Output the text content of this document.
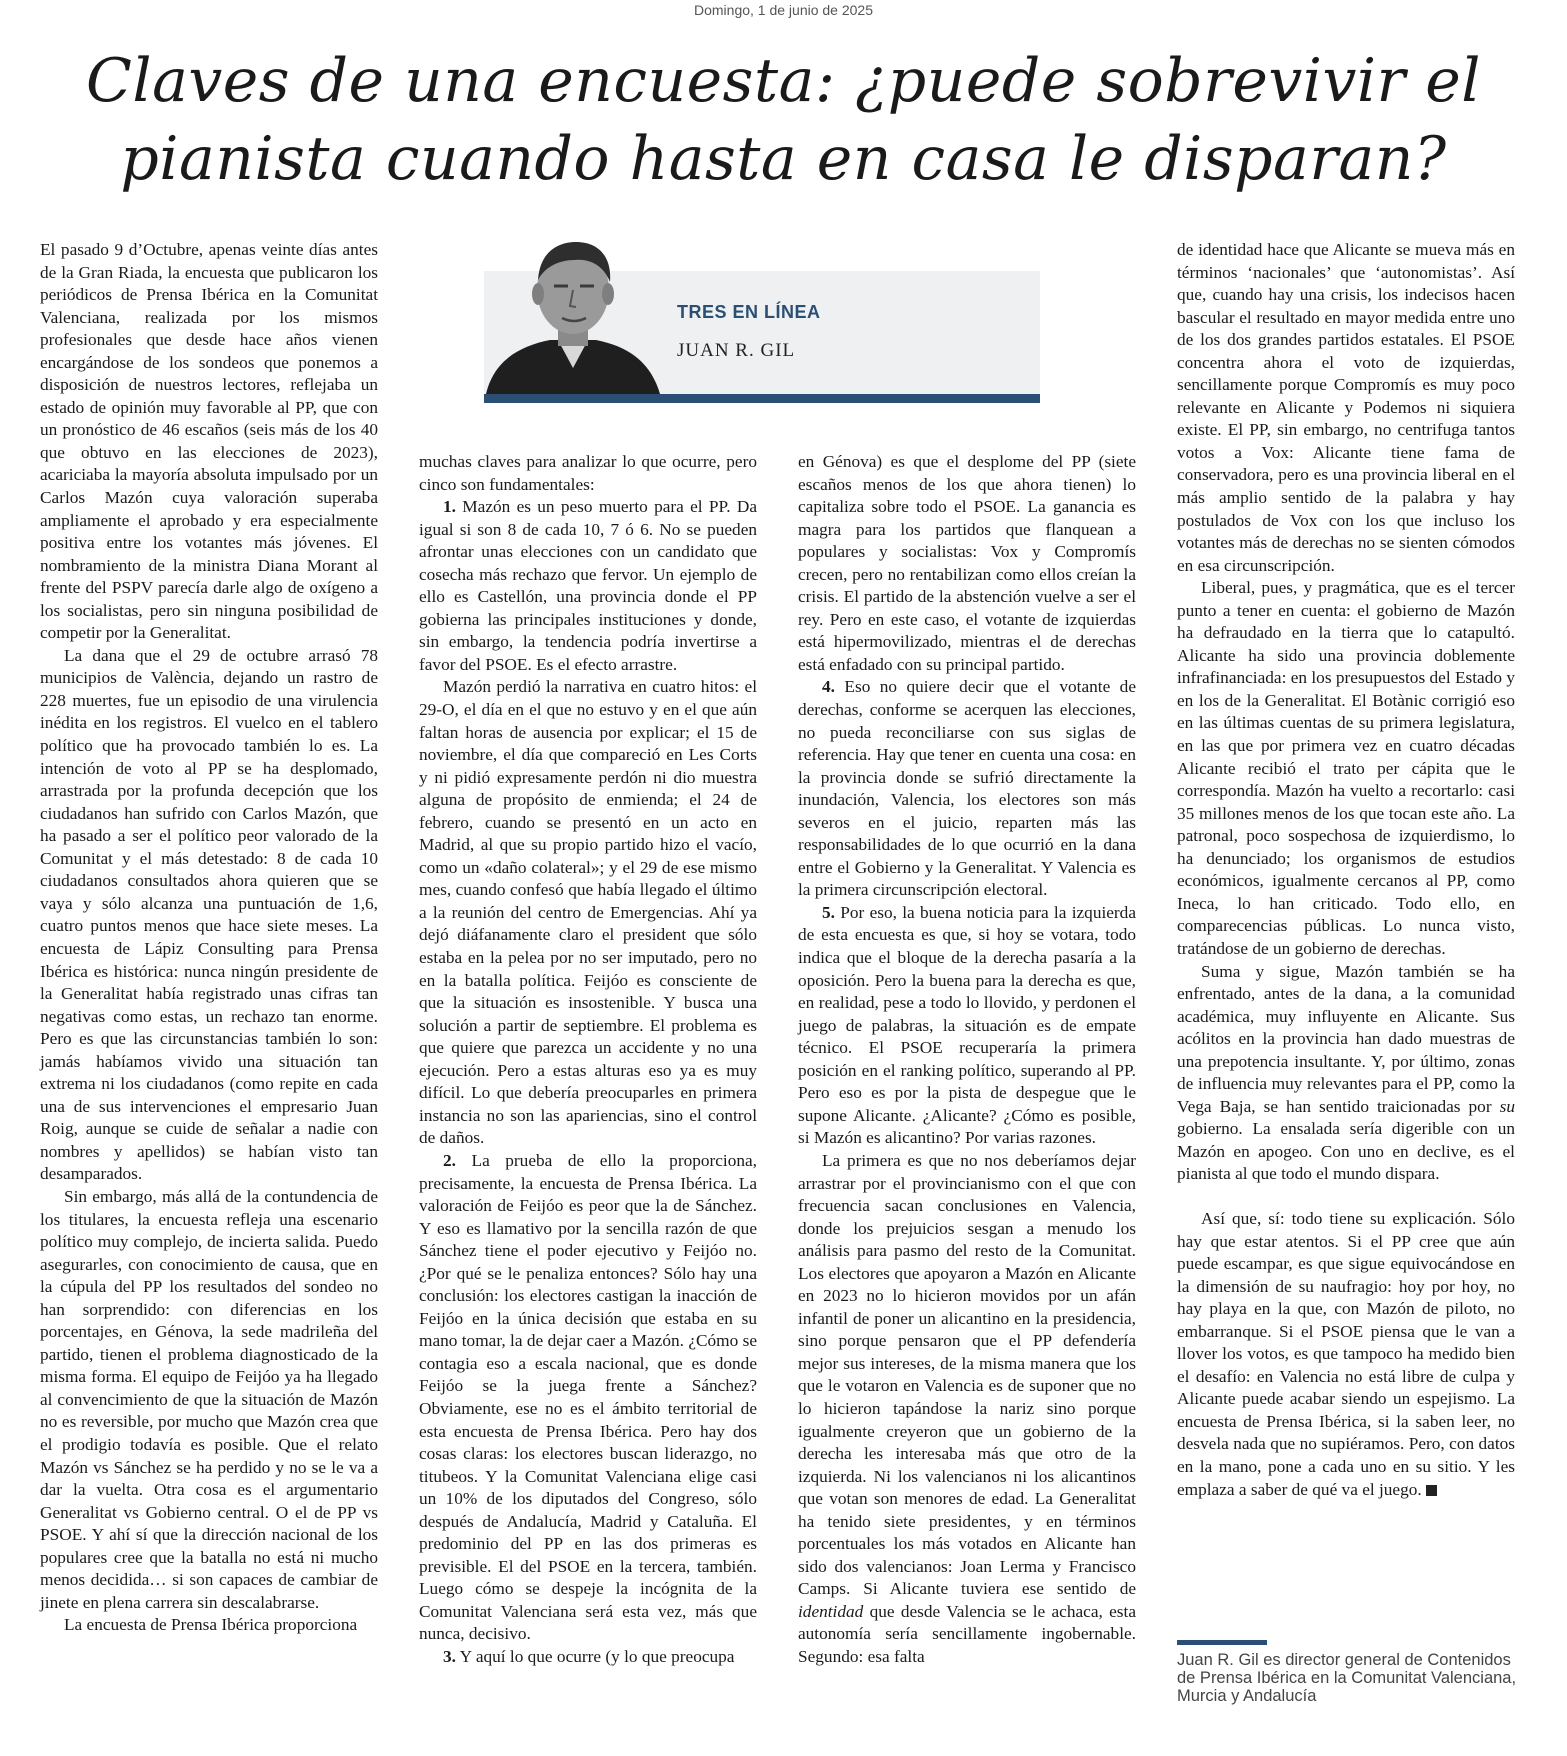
Domingo, 1 de junio de 2025
Claves de una encuesta: ¿puede sobrevivir el pianista cuando hasta en casa le disparan?
TRES EN LÍNEA
JUAN R. GIL

El pasado 9 d’Octubre, apenas veinte días antes de la Gran Riada, la encuesta que publicaron los periódicos de Prensa Ibérica en la Comunitat Valenciana, realizada por los mismos profesionales que desde hace años vienen encargándose de los sondeos que ponemos a disposición de nuestros lectores, reflejaba un estado de opinión muy favorable al PP, que con un pronóstico de 46 escaños (seis más de los 40 que obtuvo en las elecciones de 2023), acariciaba la mayoría absoluta impulsado por un Carlos Mazón cuya valoración superaba ampliamente el aprobado y era especialmente positiva entre los votantes más jóvenes. El nombramiento de la ministra Diana Morant al frente del PSPV parecía darle algo de oxígeno a los socialistas, pero sin ninguna posibilidad de competir por la Generalitat.

La dana que el 29 de octubre arrasó 78 municipios de València, dejando un rastro de 228 muertes, fue un episodio de una virulencia inédita en los registros. El vuelco en el tablero político que ha provocado también lo es. La intención de voto al PP se ha desplomado, arrastrada por la profunda decepción que los ciudadanos han sufrido con Carlos Mazón, que ha pasado a ser el político peor valorado de la Comunitat y el más detestado: 8 de cada 10 ciudadanos consultados ahora quieren que se vaya y sólo alcanza una puntuación de 1,6, cuatro puntos menos que hace siete meses. La encuesta de Lápiz Consulting para Prensa Ibérica es histórica: nunca ningún presidente de la Generalitat había registrado unas cifras tan negativas como estas, un rechazo tan enorme. Pero es que las circunstancias también lo son: jamás habíamos vivido una situación tan extrema ni los ciudadanos (como repite en cada una de sus intervenciones el empresario Juan Roig, aunque se cuide de señalar a nadie con nombres y apellidos) se habían visto tan desamparados.

Sin embargo, más allá de la contundencia de los titulares, la encuesta refleja una escenario político muy complejo, de incierta salida. Puedo asegurarles, con conocimiento de causa, que en la cúpula del PP los resultados del sondeo no han sorprendido: con diferencias en los porcentajes, en Génova, la sede madrileña del partido, tienen el problema diagnosticado de la misma forma. El equipo de Feijóo ya ha llegado al convencimiento de que la situación de Mazón no es reversible, por mucho que Mazón crea que el prodigio todavía es posible. Que el relato Mazón vs Sánchez se ha perdido y no se le va a dar la vuelta. Otra cosa es el argumentario Generalitat vs Gobierno central. O el de PP vs PSOE. Y ahí sí que la dirección nacional de los populares cree que la batalla no está ni mucho menos decidida… si son capaces de cambiar de jinete en plena carrera sin descalabrarse.

La encuesta de Prensa Ibérica proporciona

muchas claves para analizar lo que ocurre, pero cinco son fundamentales:

1. Mazón es un peso muerto para el PP. Da igual si son 8 de cada 10, 7 ó 6. No se pueden afrontar unas elecciones con un candidato que cosecha más rechazo que fervor. Un ejemplo de ello es Castellón, una provincia donde el PP gobierna las principales instituciones y donde, sin embargo, la tendencia podría invertirse a favor del PSOE. Es el efecto arrastre.

Mazón perdió la narrativa en cuatro hitos: el 29-O, el día en el que no estuvo y en el que aún faltan horas de ausencia por explicar; el 15 de noviembre, el día que compareció en Les Corts y ni pidió expresamente perdón ni dio muestra alguna de propósito de enmienda; el 24 de febrero, cuando se presentó en un acto en Madrid, al que su propio partido hizo el vacío, como un «daño colateral»; y el 29 de ese mismo mes, cuando confesó que había llegado el último a la reunión del centro de Emergencias. Ahí ya dejó diáfanamente claro el president que sólo estaba en la pelea por no ser imputado, pero no en la batalla política. Feijóo es consciente de que la situación es insostenible. Y busca una solución a partir de septiembre. El problema es que quiere que parezca un accidente y no una ejecución. Pero a estas alturas eso ya es muy difícil. Lo que debería preocuparles en primera instancia no son las apariencias, sino el control de daños.

2. La prueba de ello la proporciona, precisamente, la encuesta de Prensa Ibérica. La valoración de Feijóo es peor que la de Sánchez. Y eso es llamativo por la sencilla razón de que Sánchez tiene el poder ejecutivo y Feijóo no. ¿Por qué se le penaliza entonces? Sólo hay una conclusión: los electores castigan la inacción de Feijóo en la única decisión que estaba en su mano tomar, la de dejar caer a Mazón. ¿Cómo se contagia eso a escala nacional, que es donde Feijóo se la juega frente a Sánchez? Obviamente, ese no es el ámbito territorial de esta encuesta de Prensa Ibérica. Pero hay dos cosas claras: los electores buscan liderazgo, no titubeos. Y la Comunitat Valenciana elige casi un 10% de los diputados del Congreso, sólo después de Andalucía, Madrid y Cataluña. El predominio del PP en las dos primeras es previsible. El del PSOE en la tercera, también. Luego cómo se despeje la incógnita de la Comunitat Valenciana será esta vez, más que nunca, decisivo.

3. Y aquí lo que ocurre (y lo que preocupa

en Génova) es que el desplome del PP (siete escaños menos de los que ahora tienen) lo capitaliza sobre todo el PSOE. La ganancia es magra para los partidos que flanquean a populares y socialistas: Vox y Compromís crecen, pero no rentabilizan como ellos creían la crisis. El partido de la abstención vuelve a ser el rey. Pero en este caso, el votante de izquierdas está hipermovilizado, mientras el de derechas está enfadado con su principal partido.

4. Eso no quiere decir que el votante de derechas, conforme se acerquen las elecciones, no pueda reconciliarse con sus siglas de referencia. Hay que tener en cuenta una cosa: en la provincia donde se sufrió directamente la inundación, Valencia, los electores son más severos en el juicio, reparten más las responsabilidades de lo que ocurrió en la dana entre el Gobierno y la Generalitat. Y Valencia es la primera circunscripción electoral.

5. Por eso, la buena noticia para la izquierda de esta encuesta es que, si hoy se votara, todo indica que el bloque de la derecha pasaría a la oposición. Pero la buena para la derecha es que, en realidad, pese a todo lo llovido, y perdonen el juego de palabras, la situación es de empate técnico. El PSOE recuperaría la primera posición en el ranking político, superando al PP. Pero eso es por la pista de despegue que le supone Alicante. ¿Alicante? ¿Cómo es posible, si Mazón es alicantino? Por varias razones.

La primera es que no nos deberíamos dejar arrastrar por el provincianismo con el que con frecuencia sacan conclusiones en Valencia, donde los prejuicios sesgan a menudo los análisis para pasmo del resto de la Comunitat. Los electores que apoyaron a Mazón en Alicante en 2023 no lo hicieron movidos por un afán infantil de poner un alicantino en la presidencia, sino porque pensaron que el PP defendería mejor sus intereses, de la misma manera que los que le votaron en Valencia es de suponer que no lo hicieron tapándose la nariz sino porque igualmente creyeron que un gobierno de la derecha les interesaba más que otro de la izquierda. Ni los valencianos ni los alicantinos que votan son menores de edad. La Generalitat ha tenido siete presidentes, y en términos porcentuales los más votados en Alicante han sido dos valencianos: Joan Lerma y Francisco Camps. Si Alicante tuviera ese sentido de identidad que desde Valencia se le achaca, esta autonomía sería sencillamente ingobernable. Segundo: esa falta

de identidad hace que Alicante se mueva más en términos ‘nacionales’ que ‘autonomistas’. Así que, cuando hay una crisis, los indecisos hacen bascular el resultado en mayor medida entre uno de los dos grandes partidos estatales. El PSOE concentra ahora el voto de izquierdas, sencillamente porque Compromís es muy poco relevante en Alicante y Podemos ni siquiera existe. El PP, sin embargo, no centrifuga tantos votos a Vox: Alicante tiene fama de conservadora, pero es una provincia liberal en el más amplio sentido de la palabra y hay postulados de Vox con los que incluso los votantes más de derechas no se sienten cómodos en esa circunscripción.

Liberal, pues, y pragmática, que es el tercer punto a tener en cuenta: el gobierno de Mazón ha defraudado en la tierra que lo catapultó. Alicante ha sido una provincia doblemente infrafinanciada: en los presupuestos del Estado y en los de la Generalitat. El Botànic corrigió eso en las últimas cuentas de su primera legislatura, en las que por primera vez en cuatro décadas Alicante recibió el trato per cápita que le correspondía. Mazón ha vuelto a recortarlo: casi 35 millones menos de los que tocan este año. La patronal, poco sospechosa de izquierdismo, lo ha denunciado; los organismos de estudios económicos, igualmente cercanos al PP, como Ineca, lo han criticado. Todo ello, en comparecencias públicas. Lo nunca visto, tratándose de un gobierno de derechas.

Suma y sigue, Mazón también se ha enfrentado, antes de la dana, a la comunidad académica, muy influyente en Alicante. Sus acólitos en la provincia han dado muestras de una prepotencia insultante. Y, por último, zonas de influencia muy relevantes para el PP, como la Vega Baja, se han sentido traicionadas por su gobierno. La ensalada sería digerible con un Mazón en apogeo. Con uno en declive, es el pianista al que todo el mundo dispara.

Así que, sí: todo tiene su explicación. Sólo hay que estar atentos. Si el PP cree que aún puede escampar, es que sigue equivocándose en la dimensión de su naufragio: hoy por hoy, no hay playa en la que, con Mazón de piloto, no embarranque. Si el PSOE piensa que le van a llover los votos, es que tampoco ha medido bien el desafío: en Valencia no está libre de culpa y Alicante puede acabar siendo un espejismo. La encuesta de Prensa Ibérica, si la saben leer, no desvela nada que no supiéramos. Pero, con datos en la mano, pone a cada uno en su sitio. Y les emplaza a saber de qué va el juego.

Juan R. Gil es director general de Contenidos de Prensa Ibérica en la Comunitat Valenciana, Murcia y Andalucía
